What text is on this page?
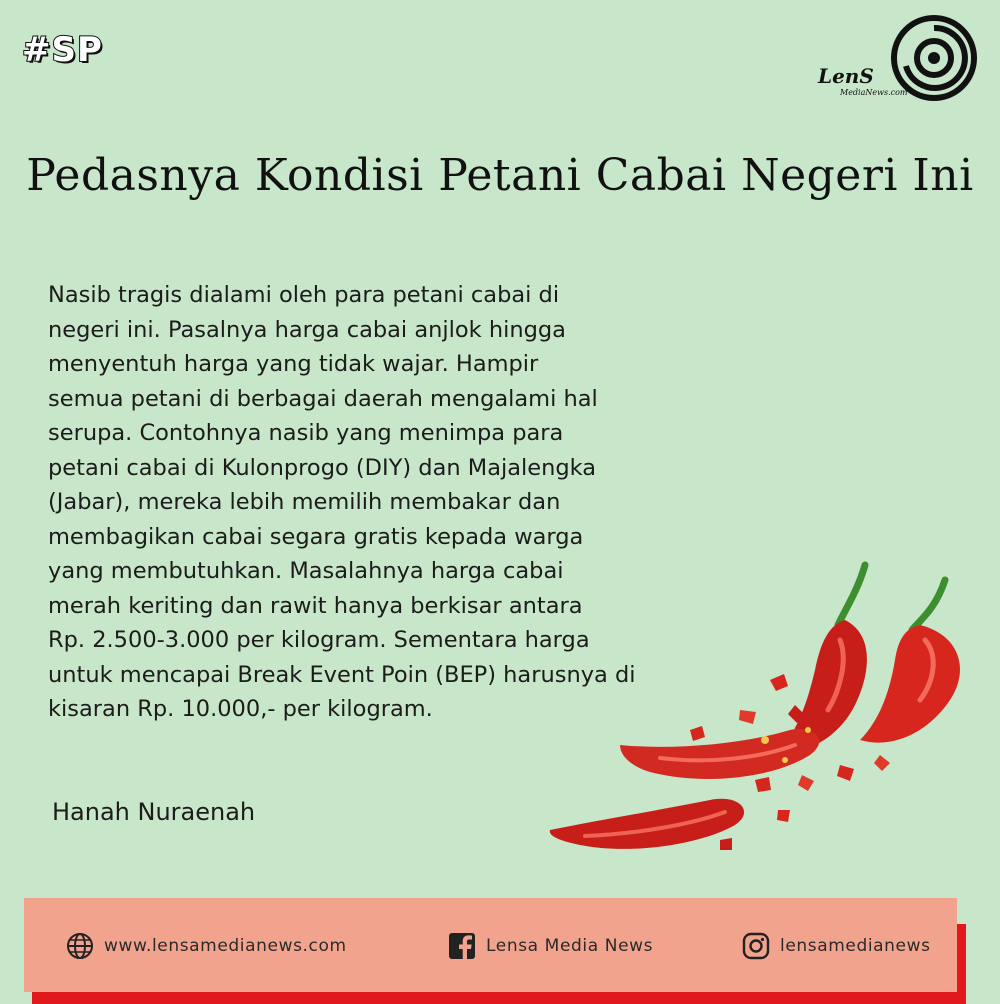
#SP
LenS
MediaNews.com
Pedasnya Kondisi Petani Cabai Negeri Ini
Nasib tragis dialami oleh para petani cabai di
negeri ini. Pasalnya harga cabai anjlok hingga
menyentuh harga yang tidak wajar. Hampir
semua petani di berbagai daerah mengalami hal
serupa. Contohnya nasib yang menimpa para
petani cabai di Kulonprogo (DIY) dan Majalengka
(Jabar), mereka lebih memilih membakar dan
membagikan cabai segara gratis kepada warga
yang membutuhkan. Masalahnya harga cabai
merah keriting dan rawit hanya berkisar antara
Rp. 2.500-3.000 per kilogram. Sementara harga
untuk mencapai Break Event Poin (BEP) harusnya di
kisaran Rp. 10.000,- per kilogram.
Hanah Nuraenah
www.lensamedianews.com	Lensa Media News	lensamedianews
